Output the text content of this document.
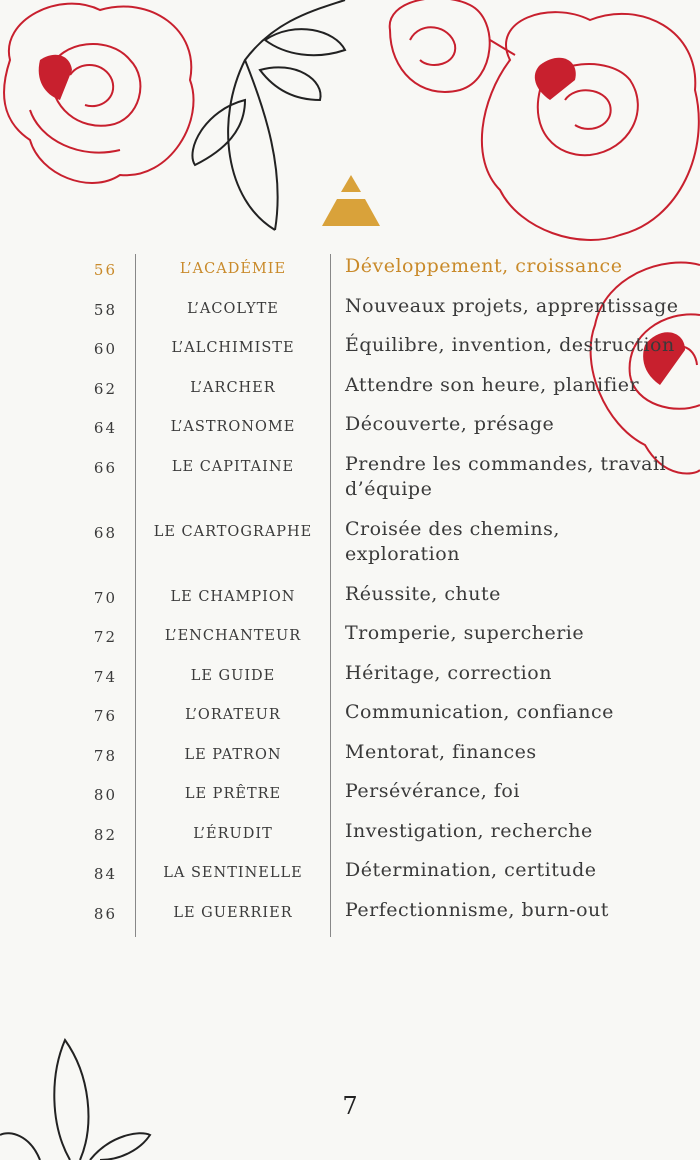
56	L’ACADÉMIE	Développement, croissance
58	L’ACOLYTE	Nouveaux projets, apprentissage
60	L’ALCHIMISTE	Équilibre, invention, destruction
62	L’ARCHER	Attendre son heure, planifier
64	L’ASTRONOME	Découverte, présage
66	LE CAPITAINE	Prendre les commandes, travail d’équipe
68	LE CARTOGRAPHE	Croisée des chemins, exploration
70	LE CHAMPION	Réussite, chute
72	L’ENCHANTEUR	Tromperie, supercherie
74	LE GUIDE	Héritage, correction
76	L’ORATEUR	Communication, confiance
78	LE PATRON	Mentorat, finances
80	LE PRÊTRE	Persévérance, foi
82	L’ÉRUDIT	Investigation, recherche
84	LA SENTINELLE	Détermination, certitude
86	LE GUERRIER	Perfectionnisme, burn-out
7
